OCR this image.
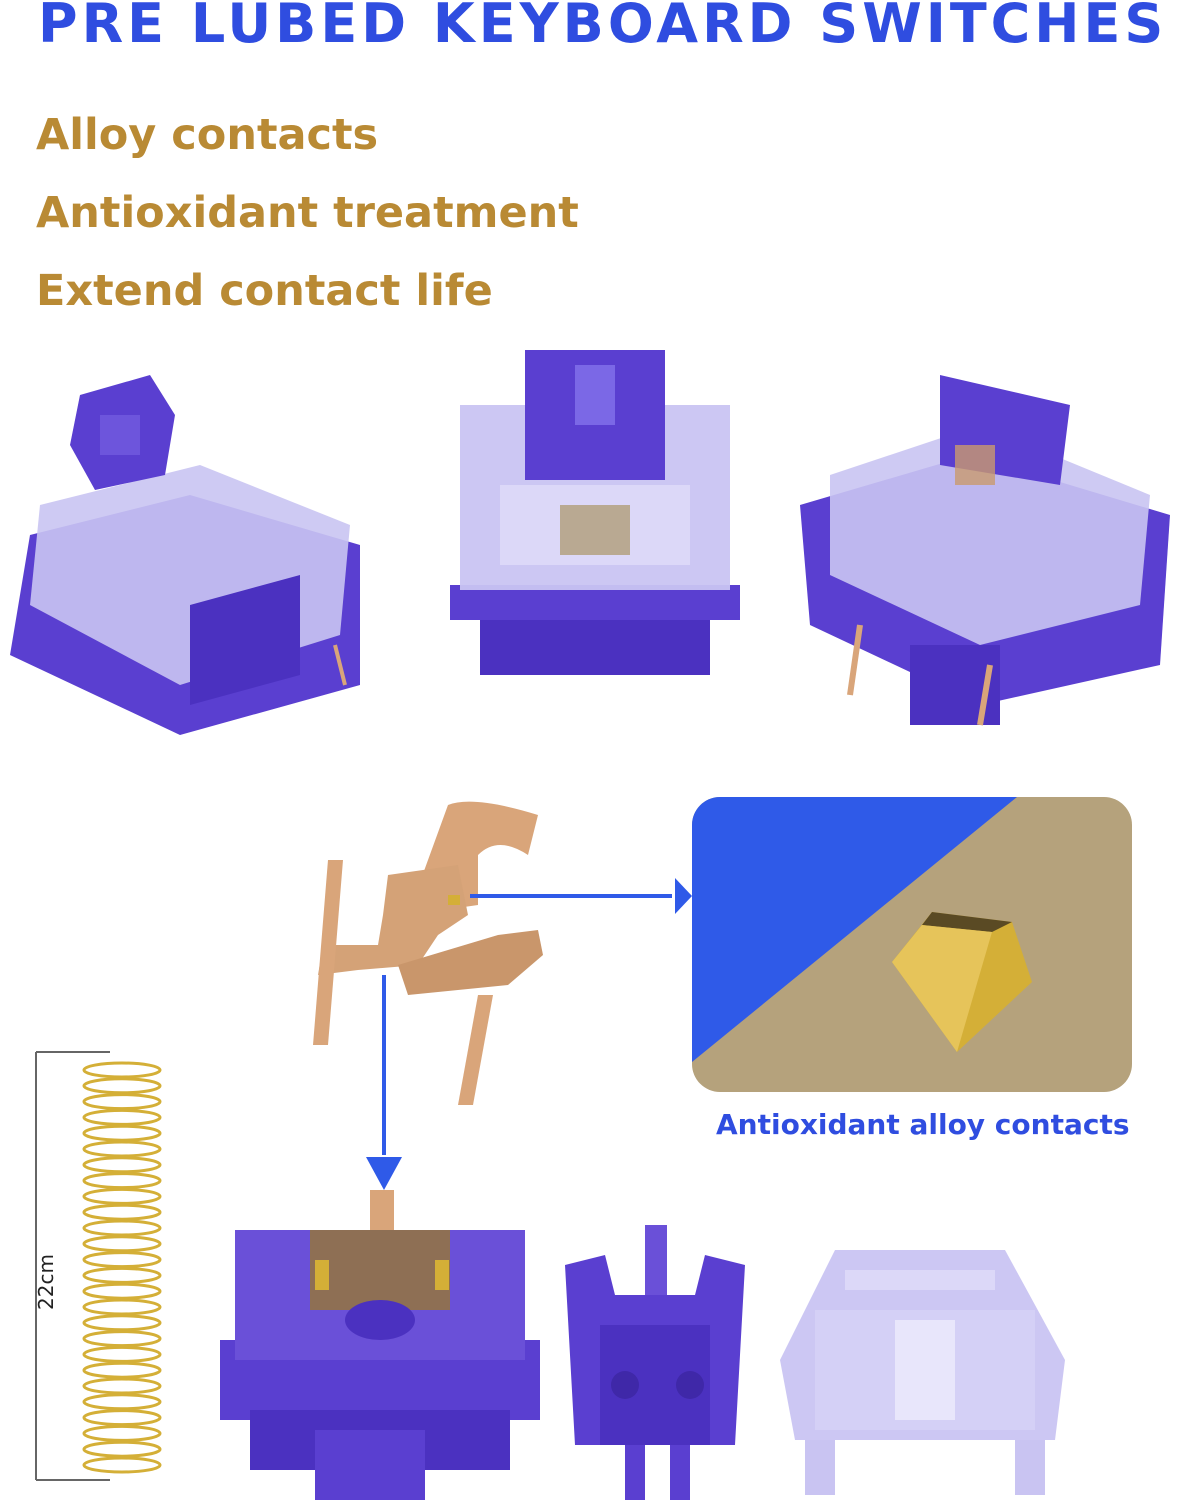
PRE LUBED KEYBOARD SWITCHES

Alloy contacts

Antioxidant treatment

Extend contact life

Antioxidant alloy contacts
22cm
